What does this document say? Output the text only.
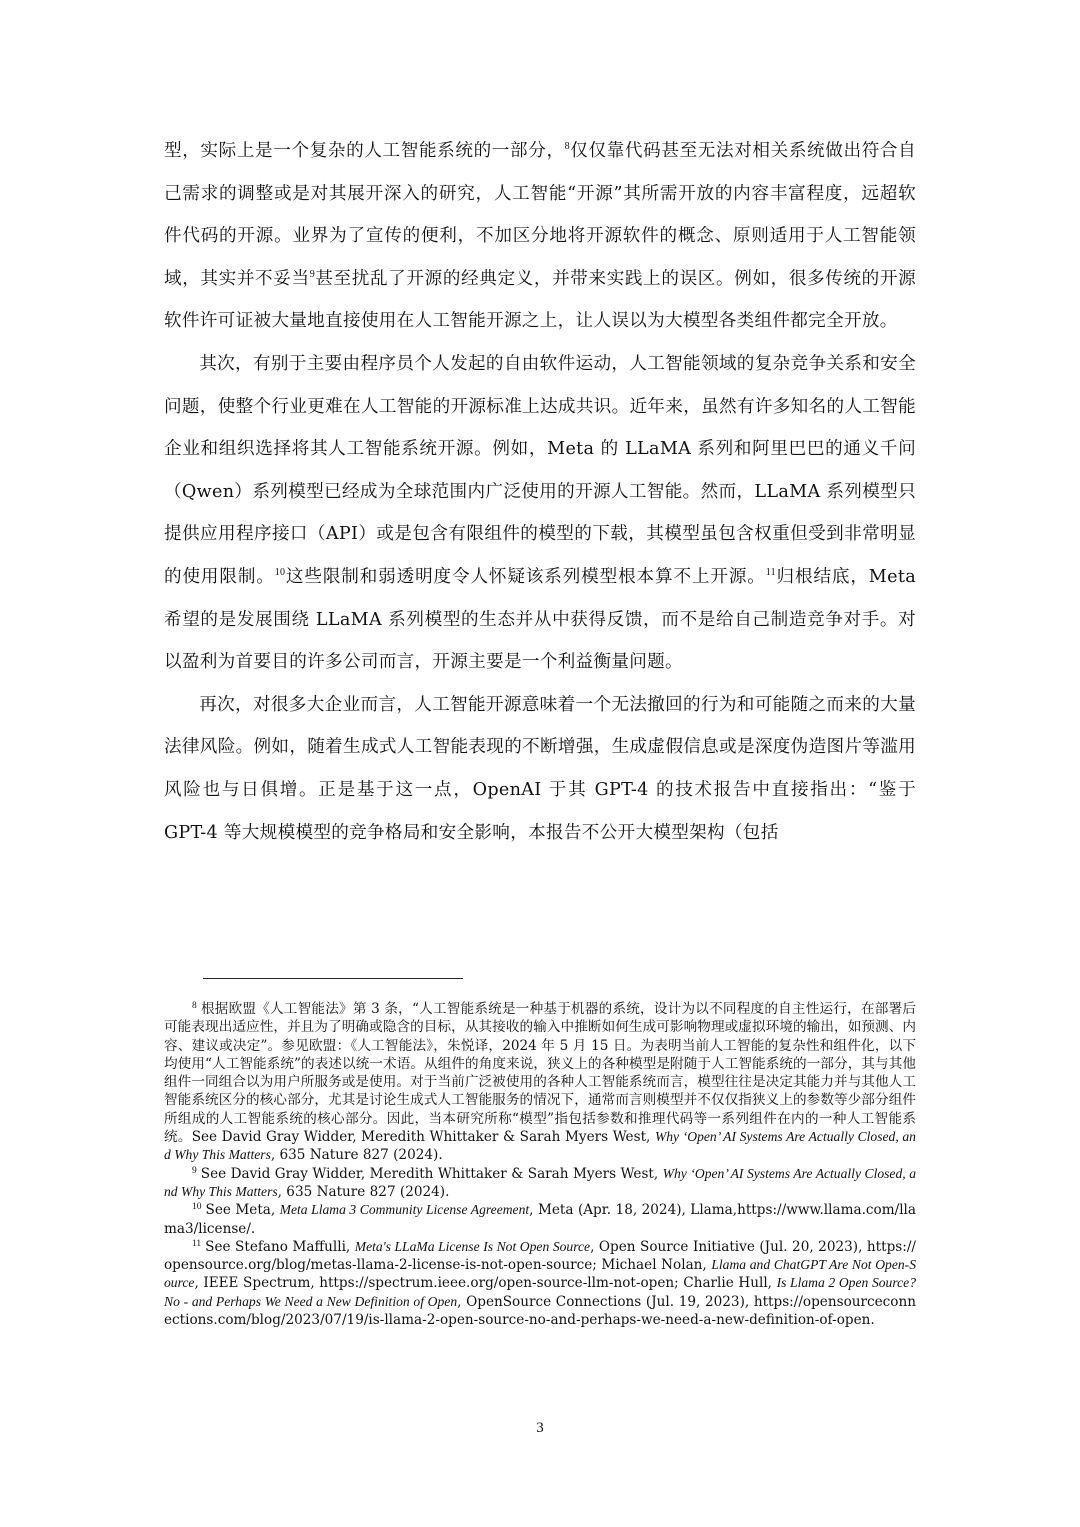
型，实际上是一个复杂的人工智能系统的一部分，$^8$仅仅靠代码甚至无法对相关系统做出符合自己需求的调整或是对其展开深入的研究，人工智能“开源”其所需开放的内容丰富程度，远超软件代码的开源。业界为了宣传的便利，不加区分地将开源软件的概念、原则适用于人工智能领域，其实并不妥当$^9$甚至扰乱了开源的经典定义，并带来实践上的误区。例如，很多传统的开源软件许可证被大量地直接使用在人工智能开源之上，让人误以为大模型各类组件都完全开放。

其次，有别于主要由程序员个人发起的自由软件运动，人工智能领域的复杂竞争关系和安全问题，使整个行业更难在人工智能的开源标准上达成共识。近年来，虽然有许多知名的人工智能企业和组织选择将其人工智能系统开源。例如，Meta 的 LLaMA 系列和阿里巴巴的通义千问（Qwen）系列模型已经成为全球范围内广泛使用的开源人工智能。然而，LLaMA 系列模型只提供应用程序接口（API）或是包含有限组件的模型的下载，其模型虽包含权重但受到非常明显的使用限制。$^{10}$这些限制和弱透明度令人怀疑该系列模型根本算不上开源。$^{11}$归根结底，Meta 希望的是发展围绕 LLaMA 系列模型的生态并从中获得反馈，而不是给自己制造竞争对手。对以盈利为首要目的许多公司而言，开源主要是一个利益衡量问题。

再次，对很多大企业而言，人工智能开源意味着一个无法撤回的行为和可能随之而来的大量法律风险。例如，随着生成式人工智能表现的不断增强，生成虚假信息或是深度伪造图片等滥用风险也与日俱增。正是基于这一点，OpenAI 于其 GPT-4 的技术报告中直接指出：“鉴于 GPT-4 等大规模模型的竞争格局和安全影响，本报告不公开大模型架构（包括

$^8$ 根据欧盟《人工智能法》第 3 条，“人工智能系统是一种基于机器的系统，设计为以不同程度的自主性运行，在部署后可能表现出适应性，并且为了明确或隐含的目标，从其接收的输入中推断如何生成可影响物理或虚拟环境的输出，如预测、内容、建议或决定”。参见欧盟：《人工智能法》，朱悦译，2024 年 5 月 15 日。为表明当前人工智能的复杂性和组件化，以下均使用“人工智能系统”的表述以统一术语。从组件的角度来说，狭义上的各种模型是附随于人工智能系统的一部分，其与其他组件一同组合以为用户所服务或是使用。对于当前广泛被使用的各种人工智能系统而言，模型往往是决定其能力并与其他人工智能系统区分的核心部分，尤其是讨论生成式人工智能服务的情况下，通常而言则模型并不仅仅指狭义上的参数等少部分组件所组成的人工智能系统的核心部分。因此，当本研究所称“模型”指包括参数和推理代码等一系列组件在内的一种人工智能系统。See David Gray Widder, Meredith Whittaker & Sarah Myers West, Why ‘Open’ AI Systems Are Actually Closed, and Why This Matters, 635 Nature 827 (2024).

$^9$ See David Gray Widder, Meredith Whittaker & Sarah Myers West, Why ‘Open’ AI Systems Are Actually Closed, and Why This Matters, 635 Nature 827 (2024).

$^{10}$ See Meta, Meta Llama 3 Community License Agreement, Meta (Apr. 18, 2024), Llama,https://www.llama.com/llama3/license/.

$^{11}$ See Stefano Maffulli, Meta's LLaMa License Is Not Open Source, Open Source Initiative (Jul. 20, 2023), https://opensource.org/blog/metas-llama-2-license-is-not-open-source; Michael Nolan, Llama and ChatGPT Are Not Open-Source, IEEE Spectrum, https://spectrum.ieee.org/open-source-llm-not-open; Charlie Hull, Is Llama 2 Open Source? No - and Perhaps We Need a New Definition of Open, OpenSource Connections (Jul. 19, 2023), https://opensourceconnections.com/blog/2023/07/19/is-llama-2-open-source-no-and-perhaps-we-need-a-new-definition-of-open.

3
